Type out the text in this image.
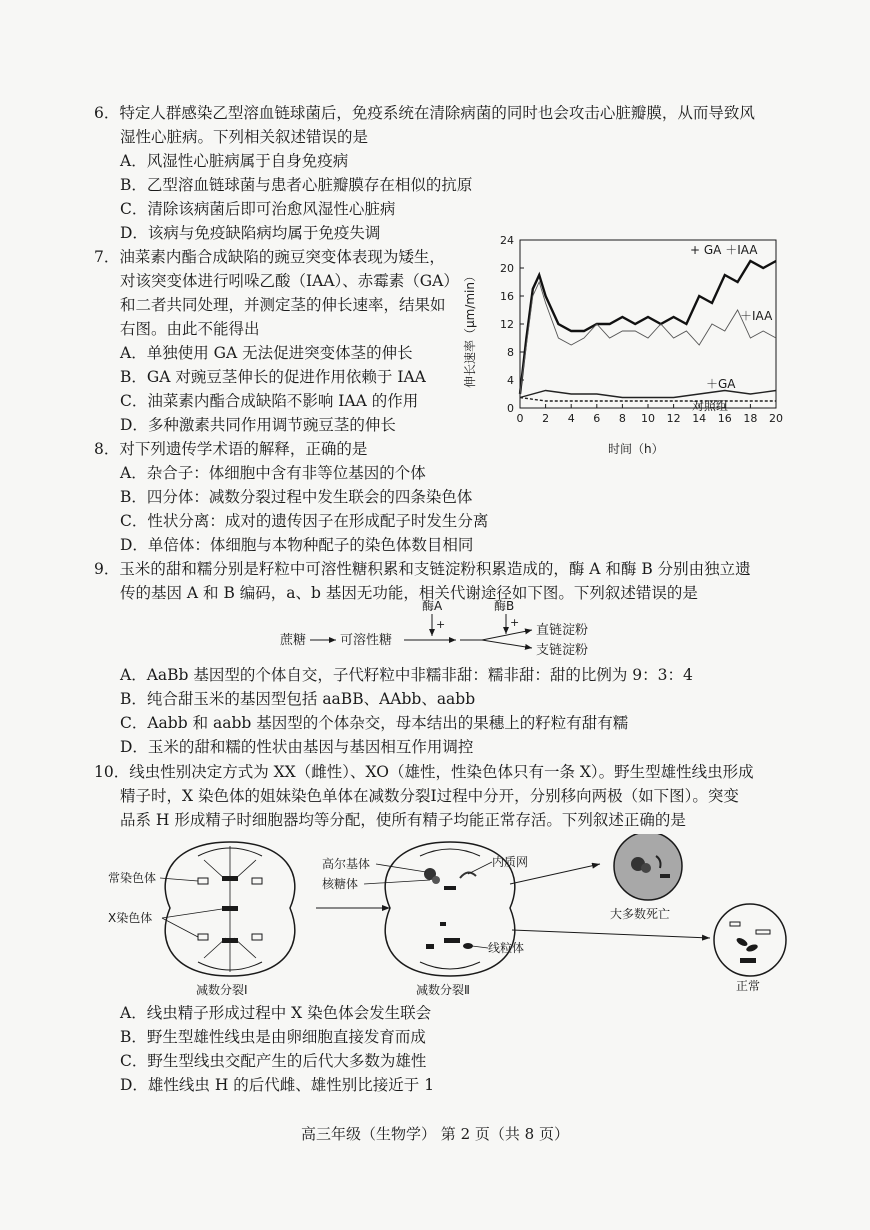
6．特定人群感染乙型溶血链球菌后，免疫系统在清除病菌的同时也会攻击心脏瓣膜，从而导致风
湿性心脏病。下列相关叙述错误的是
A．风湿性心脏病属于自身免疫病
B．乙型溶血链球菌与患者心脏瓣膜存在相似的抗原
C．清除该病菌后即可治愈风湿性心脏病
D．该病与免疫缺陷病均属于免疫失调
7．油菜素内酯合成缺陷的豌豆突变体表现为矮生，
对该突变体进行吲哚乙酸（IAA）、赤霉素（GA）
和二者共同处理，并测定茎的伸长速率，结果如
右图。由此不能得出
A．单独使用 GA 无法促进突变体茎的伸长
B．GA 对豌豆茎伸长的促进作用依赖于 IAA
C．油菜素内酯合成缺陷不影响 IAA 的作用
D．多种激素共同作用调节豌豆茎的伸长	0 2 4 6 8 10 12 14 16 18 20
0
4
8
12
16
20
24
伸长速率（μm/min）
时间（h）
+ GA ＋IAA
＋IAA
＋GA
对照组
8．对下列遗传学术语的解释，正确的是
A．杂合子：体细胞中含有非等位基因的个体
B．四分体：减数分裂过程中发生联会的四条染色体
C．性状分离：成对的遗传因子在形成配子时发生分离
D．单倍体：体细胞与本物种配子的染色体数目相同
9．玉米的甜和糯分别是籽粒中可溶性糖积累和支链淀粉积累造成的，酶 A 和酶 B 分别由独立遗
传的基因 A 和 B 编码，a、b 基因无功能，相关代谢途径如下图。下列叙述错误的是
蔗糖	可溶性糖
酶A
+
酶B
+
直链淀粉
支链淀粉
A．AaBb 基因型的个体自交，子代籽粒中非糯非甜：糯非甜：甜的比例为 9：3：4
B．纯合甜玉米的基因型包括 aaBB、AAbb、aabb
C．Aabb 和 aabb 基因型的个体杂交，母本结出的果穗上的籽粒有甜有糯
D．玉米的甜和糯的性状由基因与基因相互作用调控
10．线虫性别决定方式为 XX（雌性）、XO（雄性，性染色体只有一条 X）。野生型雄性线虫形成
精子时，X 染色体的姐妹染色单体在减数分裂Ⅰ过程中分开，分别移向两极（如下图）。突变
品系 H 形成精子时细胞器均等分配，使所有精子均能正常存活。下列叙述正确的是
常染色体
X染色体
减数分裂Ⅰ
高尔基体
核糖体
内质网
线粒体
减数分裂Ⅱ
大多数死亡
正常
A．线虫精子形成过程中 X 染色体会发生联会
B．野生型雄性线虫是由卵细胞直接发育而成
C．野生型线虫交配产生的后代大多数为雄性
D．雄性线虫 H 的后代雌、雄性别比接近于 1
高三年级（生物学） 第 2 页（共 8 页）
